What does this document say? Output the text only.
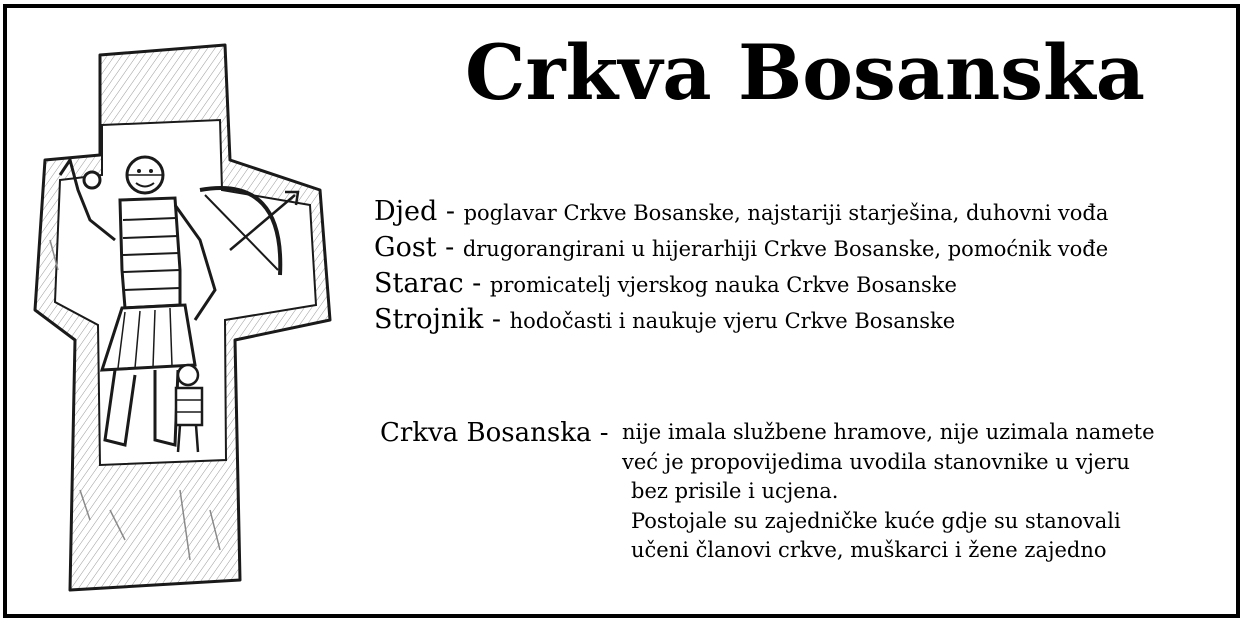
Crkva Bosanska
Djed - poglavar Crkve Bosanske, najstariji starješina, duhovni vođa
Gost - drugorangirani u hijerarhiji Crkve Bosanske, pomoćnik vođe
Starac - promicatelj vjerskog nauka Crkve Bosanske
Strojnik - hodočasti i naukuje vjeru Crkve Bosanske
Crkva Bosanska - nije imala službene hramove, nije uzimala namete
već je propovijedima uvodila stanovnike u vjeru
bez prisile i ucjena.
Postojale su zajedničke kuće gdje su stanovali
učeni članovi crkve, muškarci i žene zajedno
